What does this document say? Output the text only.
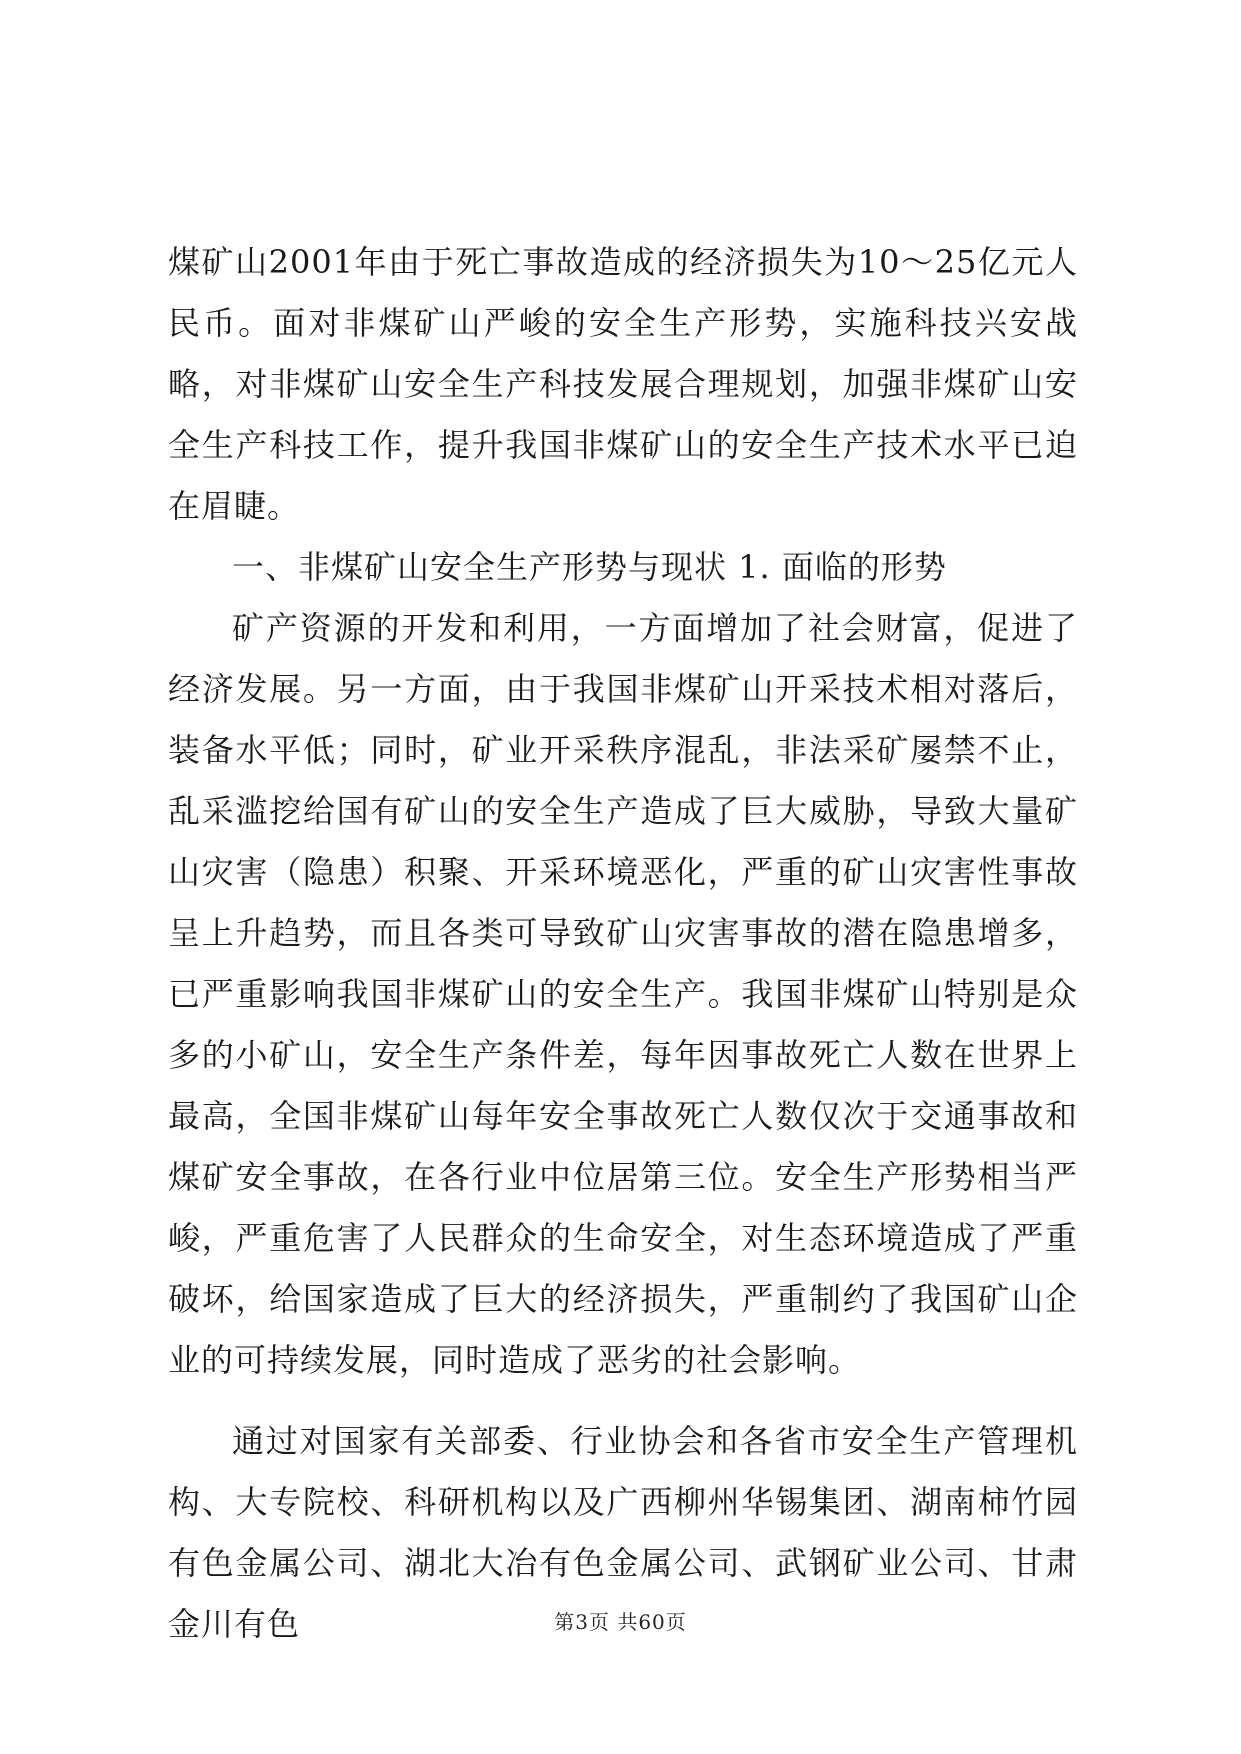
煤矿山2001年由于死亡事故造成的经济损失为10～25亿元人民币。面对非煤矿山严峻的安全生产形势，实施科技兴安战略，对非煤矿山安全生产科技发展合理规划，加强非煤矿山安全生产科技工作，提升我国非煤矿山的安全生产技术水平已迫在眉睫。

一、非煤矿山安全生产形势与现状 1. 面临的形势

矿产资源的开发和利用，一方面增加了社会财富，促进了经济发展。另一方面，由于我国非煤矿山开采技术相对落后，装备水平低；同时，矿业开采秩序混乱，非法采矿屡禁不止，乱采滥挖给国有矿山的安全生产造成了巨大威胁，导致大量矿山灾害（隐患）积聚、开采环境恶化，严重的矿山灾害性事故呈上升趋势，而且各类可导致矿山灾害事故的潜在隐患增多，已严重影响我国非煤矿山的安全生产。我国非煤矿山特别是众多的小矿山，安全生产条件差，每年因事故死亡人数在世界上最高，全国非煤矿山每年安全事故死亡人数仅次于交通事故和煤矿安全事故，在各行业中位居第三位。安全生产形势相当严峻，严重危害了人民群众的生命安全，对生态环境造成了严重破坏，给国家造成了巨大的经济损失，严重制约了我国矿山企业的可持续发展，同时造成了恶劣的社会影响。

通过对国家有关部委、行业协会和各省市安全生产管理机构、大专院校、科研机构以及广西柳州华锡集团、湖南柿竹园有色金属公司、湖北大冶有色金属公司、武钢矿业公司、甘肃金川有色	第3页 共60页
